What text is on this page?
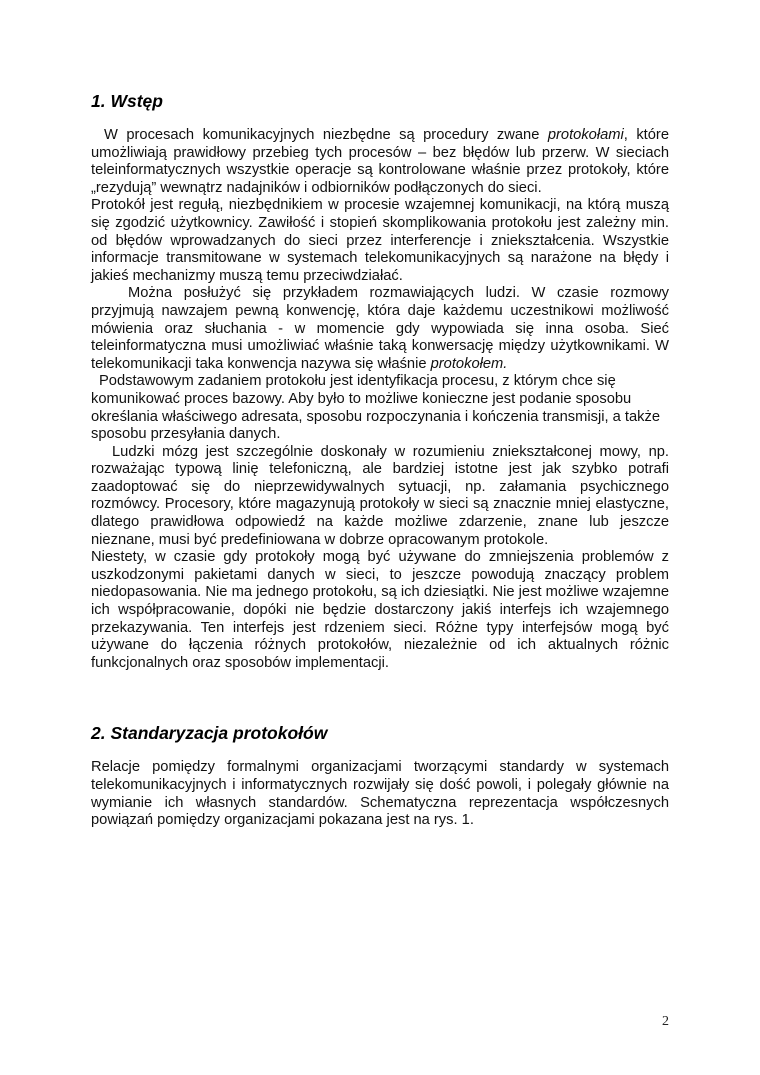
1. Wstęp

W procesach komunikacyjnych niezbędne są procedury zwane protokołami, które umożliwiają prawidłowy przebieg tych procesów – bez błędów lub przerw. W sieciach teleinformatycznych wszystkie operacje są kontrolowane właśnie przez protokoły, które „rezydują” wewnątrz nadajników i odbiorników podłączonych do sieci.

Protokół jest regułą, niezbędnikiem w procesie wzajemnej komunikacji, na którą muszą się zgodzić użytkownicy. Zawiłość i stopień skomplikowania protokołu jest zależny min. od błędów wprowadzanych do sieci przez interferencje i zniekształcenia. Wszystkie informacje transmitowane w systemach telekomunikacyjnych są narażone na błędy i jakieś mechanizmy muszą temu przeciwdziałać.

Można posłużyć się przykładem rozmawiających ludzi. W czasie rozmowy przyjmują nawzajem pewną konwencję, która daje każdemu uczestnikowi możliwość mówienia oraz słuchania - w momencie gdy wypowiada się inna osoba. Sieć teleinformatyczna musi umożliwiać właśnie taką konwersację między użytkownikami. W telekomunikacji taka konwencja nazywa się właśnie protokołem.

Podstawowym zadaniem protokołu jest identyfikacja procesu, z którym chce się komunikować proces bazowy. Aby było to możliwe konieczne jest podanie sposobu określania właściwego adresata, sposobu rozpoczynania i kończenia transmisji, a także sposobu przesyłania danych.

Ludzki mózg jest szczególnie doskonały w rozumieniu zniekształconej mowy, np. rozważając typową linię telefoniczną, ale bardziej istotne jest jak szybko potrafi zaadoptować się do nieprzewidywalnych sytuacji, np. załamania psychicznego rozmówcy. Procesory, które magazynują protokoły w sieci są znacznie mniej elastyczne, dlatego prawidłowa odpowiedź na każde możliwe zdarzenie, znane lub jeszcze nieznane, musi być predefiniowana w dobrze opracowanym protokole.

Niestety, w czasie gdy protokoły mogą być używane do zmniejszenia problemów z uszkodzonymi pakietami danych w sieci, to jeszcze powodują znaczący problem niedopasowania. Nie ma jednego protokołu, są ich dziesiątki. Nie jest możliwe wzajemne ich współpracowanie, dopóki nie będzie dostarczony jakiś interfejs ich wzajemnego przekazywania. Ten interfejs jest rdzeniem sieci. Różne typy interfejsów mogą być używane do łączenia różnych protokołów, niezależnie od ich aktualnych różnic funkcjonalnych oraz sposobów implementacji.

2. Standaryzacja protokołów

Relacje pomiędzy formalnymi organizacjami tworzącymi standardy w systemach telekomunikacyjnych i informatycznych rozwijały się dość powoli, i polegały głównie na wymianie ich własnych standardów. Schematyczna reprezentacja współczesnych powiązań pomiędzy organizacjami pokazana jest na rys. 1.

2
